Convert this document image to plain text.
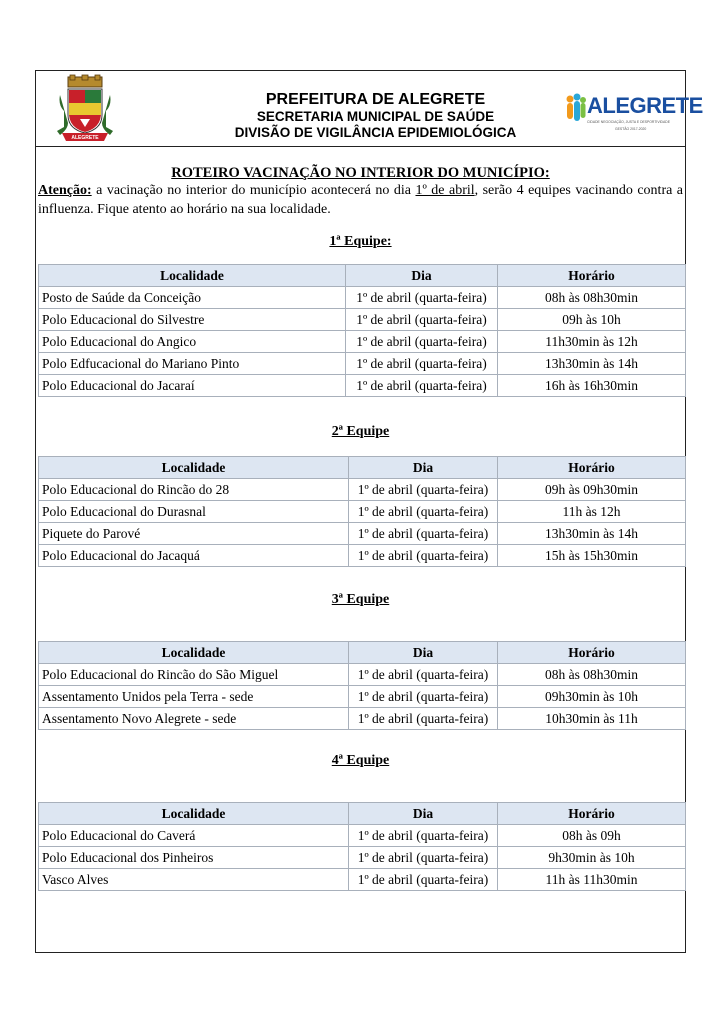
ALEGRETE
PREFEITURA DE ALEGRETE
SECRETARIA MUNICIPAL DE SAÚDE
DIVISÃO DE VIGILÂNCIA EPIDEMIOLÓGICA
ALEGRETE
CIDADE NEGOCIAÇÃO, JUSTA E DESPORTIVIDADE
GESTÃO 2017-2020
ROTEIRO VACINAÇÃO NO INTERIOR DO MUNICÍPIO:
Atenção: a vacinação no interior do município acontecerá no dia 1º de abril, serão 4 equipes vacinando contra a influenza. Fique atento ao horário na sua localidade.
1ª Equipe:
Localidade	Dia	Horário
Posto de Saúde da Conceição	1º de abril (quarta-feira)	08h às 08h30min
Polo Educacional do Silvestre	1º de abril (quarta-feira)	09h às 10h
Polo Educacional do Angico	1º de abril (quarta-feira)	11h30min às 12h
Polo Edfucacional do Mariano Pinto	1º de abril (quarta-feira)	13h30min às 14h
Polo Educacional do Jacaraí	1º de abril (quarta-feira)	16h às 16h30min
2ª Equipe
Localidade	Dia	Horário
Polo Educacional do Rincão do 28	1º de abril (quarta-feira)	09h às 09h30min
Polo Educacional do Durasnal	1º de abril (quarta-feira)	11h às 12h
Piquete do Parové	1º de abril (quarta-feira)	13h30min às 14h
Polo Educacional do Jacaquá	1º de abril (quarta-feira)	15h às 15h30min
3ª Equipe
Localidade	Dia	Horário
Polo Educacional do Rincão do São Miguel	1º de abril (quarta-feira)	08h às 08h30min
Assentamento Unidos pela Terra - sede	1º de abril (quarta-feira)	09h30min às 10h
Assentamento Novo Alegrete - sede	1º de abril (quarta-feira)	10h30min às 11h
4ª Equipe
Localidade	Dia	Horário
Polo Educacional do Caverá	1º de abril (quarta-feira)	08h às 09h
Polo Educacional dos Pinheiros	1º de abril (quarta-feira)	9h30min às 10h
Vasco Alves	1º de abril (quarta-feira)	11h às 11h30min
